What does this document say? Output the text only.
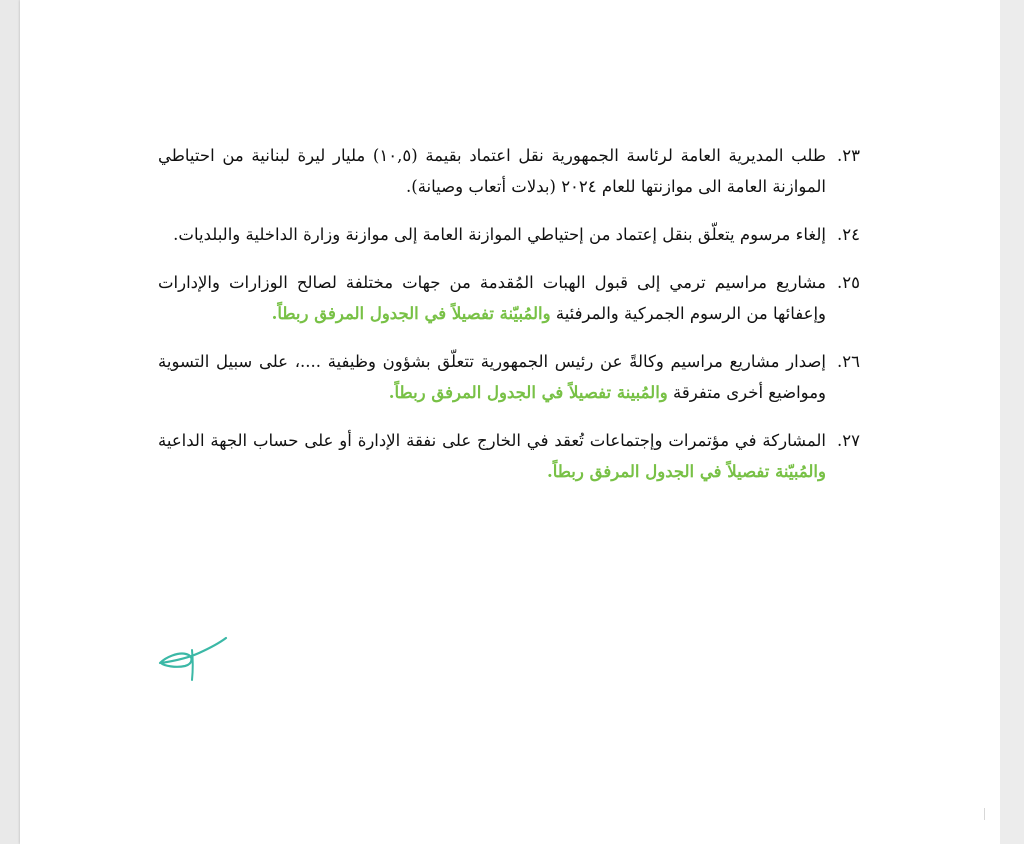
٢٣.
طلب المديرية العامة لرئاسة الجمهورية نقل اعتماد بقيمة (١٠,٥) مليار ليرة لبنانية من احتياطي الموازنة العامة الى موازنتها للعام ٢٠٢٤ (بدلات أتعاب وصيانة).
٢٤.
إلغاء مرسوم يتعلّق بنقل إعتماد من إحتياطي الموازنة العامة إلى موازنة وزارة الداخلية والبلديات.
٢٥.
مشاريع مراسيم ترمي إلى قبول الهبات المُقدمة من جهات مختلفة لصالح الوزارات والإدارات وإعفائها من الرسوم الجمركية والمرفئية والمُبيّنة تفصيلاً في الجدول المرفق ربطاً.
٢٦.
إصدار مشاريع مراسيم وكالةً عن رئيس الجمهورية تتعلّق بشؤون وظيفية ....، على سبيل التسوية ومواضيع أخرى متفرقة والمُبينة تفصيلاً في الجدول المرفق ربطاً.
٢٧.
المشاركة في مؤتمرات وإجتماعات تُعقد في الخارج على نفقة الإدارة أو على حساب الجهة الداعية والمُبيّنة تفصيلاً في الجدول المرفق ربطاً.
